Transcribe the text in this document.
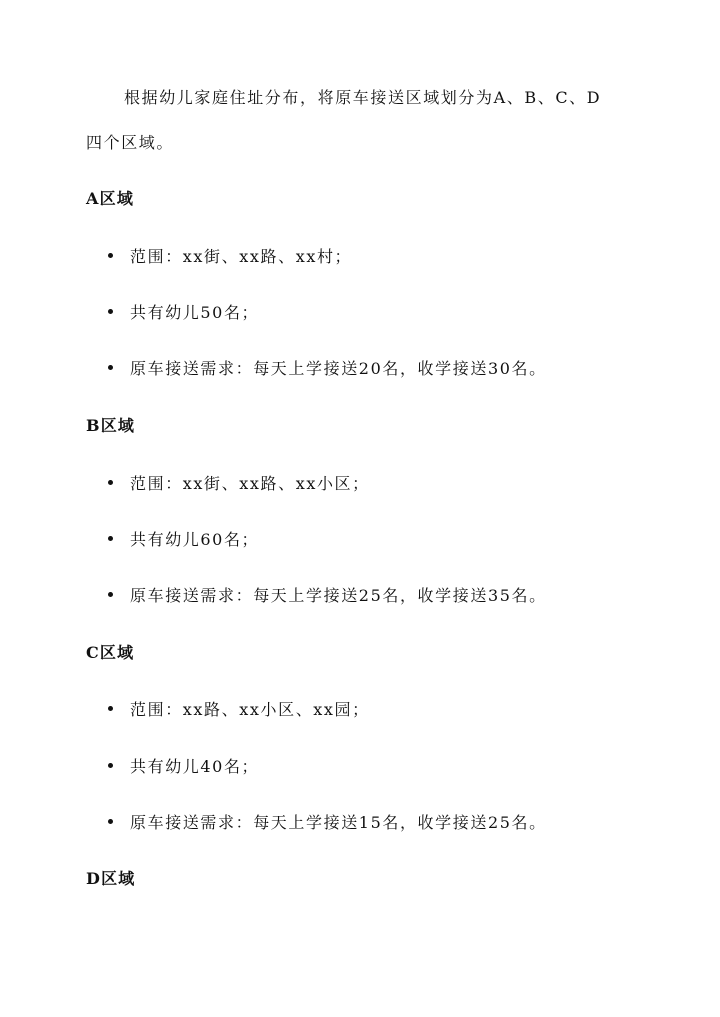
根据幼儿家庭住址分布，将原车接送区域划分为A、B、C、D
四个区域。
A区域
范围：xx街、xx路、xx村；
共有幼儿50名；
原车接送需求：每天上学接送20名，收学接送30名。
B区域
范围：xx街、xx路、xx小区；
共有幼儿60名；
原车接送需求：每天上学接送25名，收学接送35名。
C区域
范围：xx路、xx小区、xx园；
共有幼儿40名；
原车接送需求：每天上学接送15名，收学接送25名。
D区域
